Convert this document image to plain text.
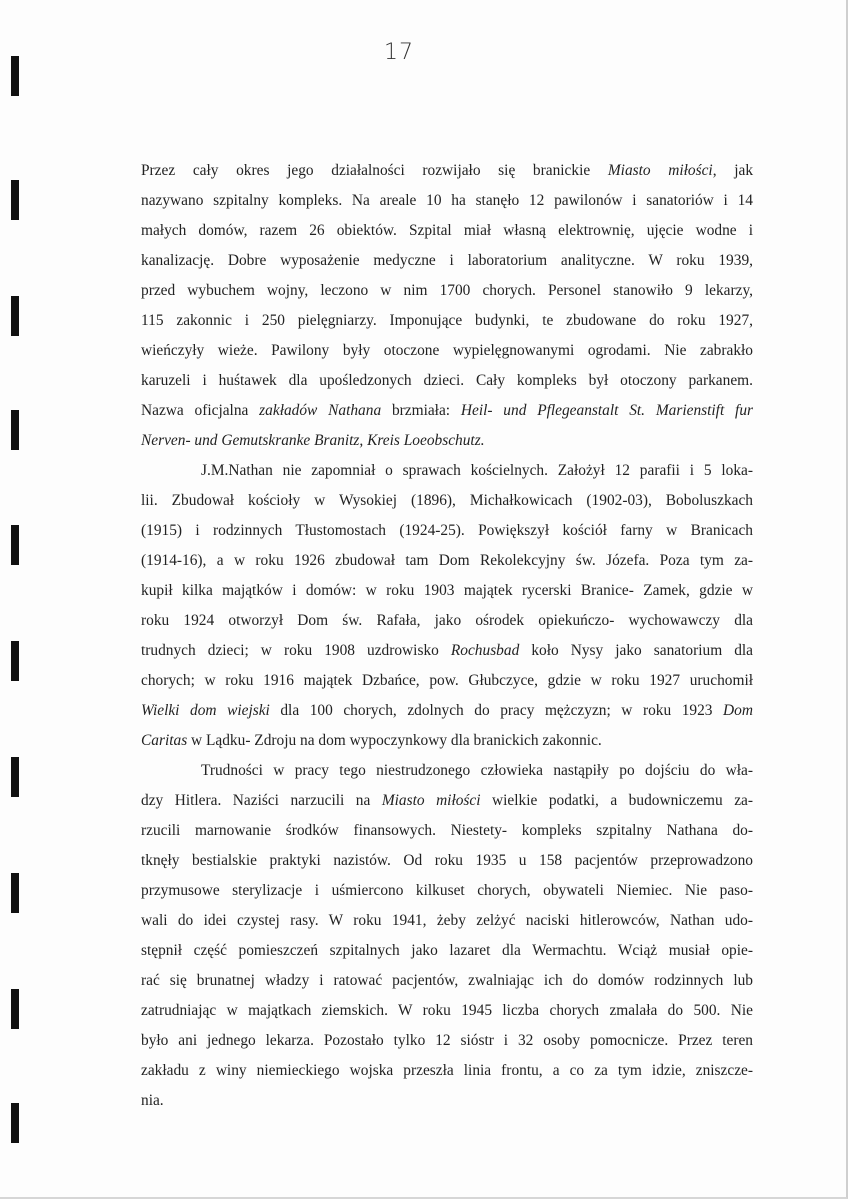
17
Przez cały okres jego działalności rozwijało się branickie Miasto miłości, jak
nazywano szpitalny kompleks. Na areale 10 ha stanęło 12 pawilonów i sanatoriów i 14
małych domów, razem 26 obiektów. Szpital miał własną elektrownię, ujęcie wodne i
kanalizację. Dobre wyposażenie medyczne i laboratorium analityczne. W roku 1939,
przed wybuchem wojny, leczono w nim 1700 chorych. Personel stanowiło 9 lekarzy,
115 zakonnic i 250 pielęgniarzy. Imponujące budynki, te zbudowane do roku 1927,
wieńczyły wieże. Pawilony były otoczone wypielęgnowanymi ogrodami. Nie zabrakło
karuzeli i huśtawek dla upośledzonych dzieci. Cały kompleks był otoczony parkanem.
Nazwa oficjalna zakładów Nathana brzmiała: Heil- und Pflegeanstalt St. Marienstift fur
Nerven- und Gemutskranke Branitz, Kreis Loeobschutz.
J.M.Nathan nie zapomniał o sprawach kościelnych. Założył 12 parafii i 5 loka-
lii. Zbudował kościoły w Wysokiej (1896), Michałkowicach (1902-03), Boboluszkach
(1915) i rodzinnych Tłustomostach (1924-25). Powiększył kościół farny w Branicach
(1914-16), a w roku 1926 zbudował tam Dom Rekolekcyjny św. Józefa. Poza tym za-
kupił kilka majątków i domów: w roku 1903 majątek rycerski Branice- Zamek, gdzie w
roku 1924 otworzył Dom św. Rafała, jako ośrodek opiekuńczo- wychowawczy dla
trudnych dzieci; w roku 1908 uzdrowisko Rochusbad koło Nysy jako sanatorium dla
chorych; w roku 1916 majątek Dzbańce, pow. Głubczyce, gdzie w roku 1927 uruchomił
Wielki dom wiejski dla 100 chorych, zdolnych do pracy mężczyzn; w roku 1923 Dom
Caritas w Lądku- Zdroju na dom wypoczynkowy dla branickich zakonnic.
Trudności w pracy tego niestrudzonego człowieka nastąpiły po dojściu do wła-
dzy Hitlera. Naziści narzucili na Miasto miłości wielkie podatki, a budowniczemu za-
rzucili marnowanie środków finansowych. Niestety- kompleks szpitalny Nathana do-
tknęły bestialskie praktyki nazistów. Od roku 1935 u 158 pacjentów przeprowadzono
przymusowe sterylizacje i uśmiercono kilkuset chorych, obywateli Niemiec. Nie paso-
wali do idei czystej rasy. W roku 1941, żeby zelżyć naciski hitlerowców, Nathan udo-
stępnił część pomieszczeń szpitalnych jako lazaret dla Wermachtu. Wciąż musiał opie-
rać się brunatnej władzy i ratować pacjentów, zwalniając ich do domów rodzinnych lub
zatrudniając w majątkach ziemskich. W roku 1945 liczba chorych zmalała do 500. Nie
było ani jednego lekarza. Pozostało tylko 12 sióstr i 32 osoby pomocnicze. Przez teren
zakładu z winy niemieckiego wojska przeszła linia frontu, a co za tym idzie, zniszcze-
nia.
